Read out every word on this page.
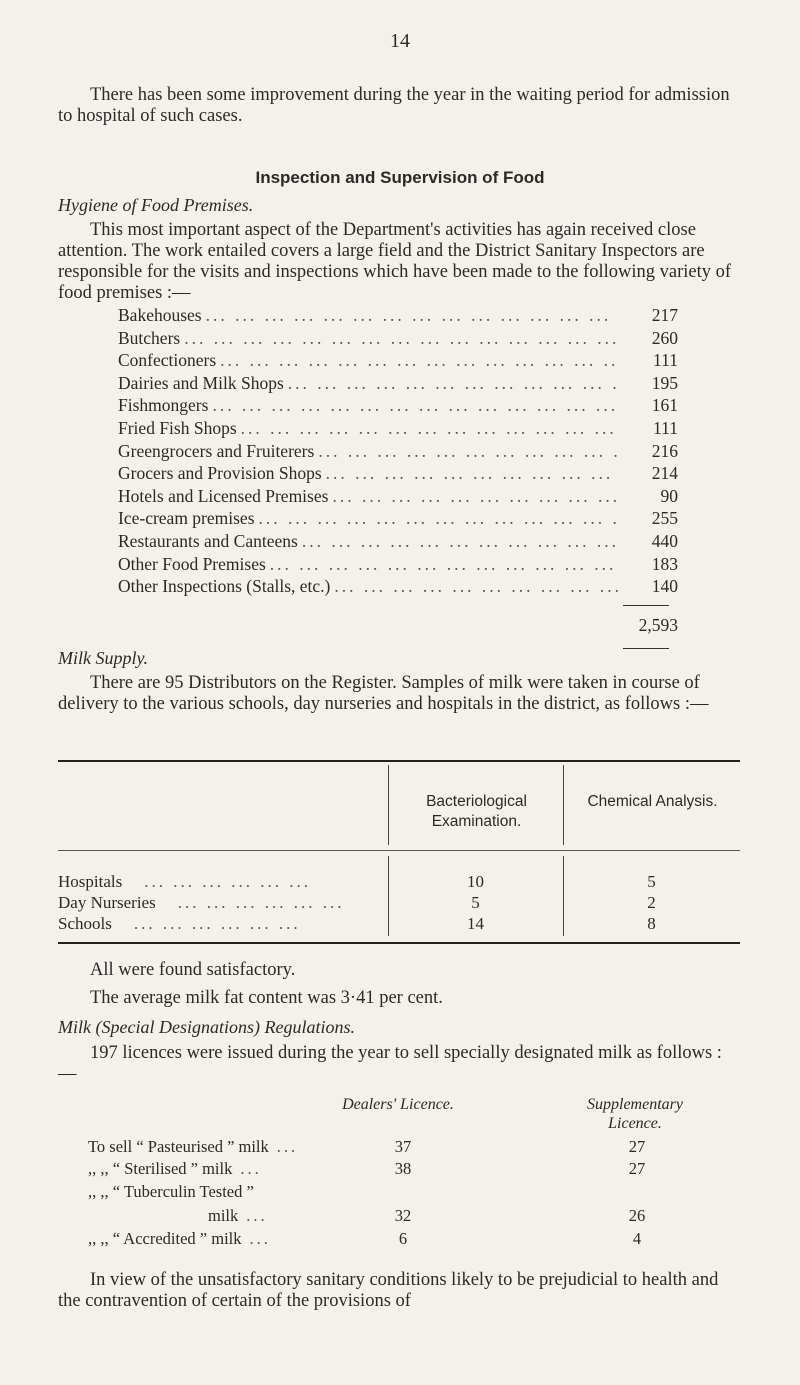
14

There has been some improvement during the year in the waiting period for admission to hospital of such cases.

Inspection and Supervision of Food
Hygiene of Food Premises.

This most important aspect of the Department's activities has again received close attention. The work entailed covers a large field and the District Sanitary Inspectors are responsible for the visits and inspections which have been made to the following variety of food premises :—

Bakehouses ... .	217
Butchers ... .	260
Confectioners ... .	111
Dairies and Milk Shops ... .	195
Fishmongers ... .	161
Fried Fish Shops ... .	111
Greengrocers and Fruiterers ... .	216
Grocers and Provision Shops ... .	214
Hotels and Licensed Premises ... .	90
Ice-cream premises ... .	255
Restaurants and Canteens ... .	440
Other Food Premises ... .	183
Other Inspections (Stalls, etc.) ... .	140
2,593
Milk Supply.

There are 95 Distributors on the Register. Samples of milk were taken in course of delivery to the various schools, day nurseries and hospitals in the district, as follows :—

Bacteriological Examination.
Chemical Analysis.
Hospitals ... ... ... ... ... ...	10	5
Day Nurseries ... ... ... ... ... ...	5	2
Schools ... ... ... ... ... ...	14	8

All were found satisfactory.

The average milk fat content was 3·41 per cent.

Milk (Special Designations) Regulations.

197 licences were issued during the year to sell specially designated milk as follows :—

Dealers' Licence.	Supplementary Licence.
To sell “ Pasteurised ” milk ...	37	27
,, ,, “ Sterilised ” milk ...	38	27
,, ,, “ Tuberculin Tested ”
milk ...	32	26
,, ,, “ Accredited ” milk ...	6	4

In view of the unsatisfactory sanitary conditions likely to be prejudicial to health and the contravention of certain of the provisions of
